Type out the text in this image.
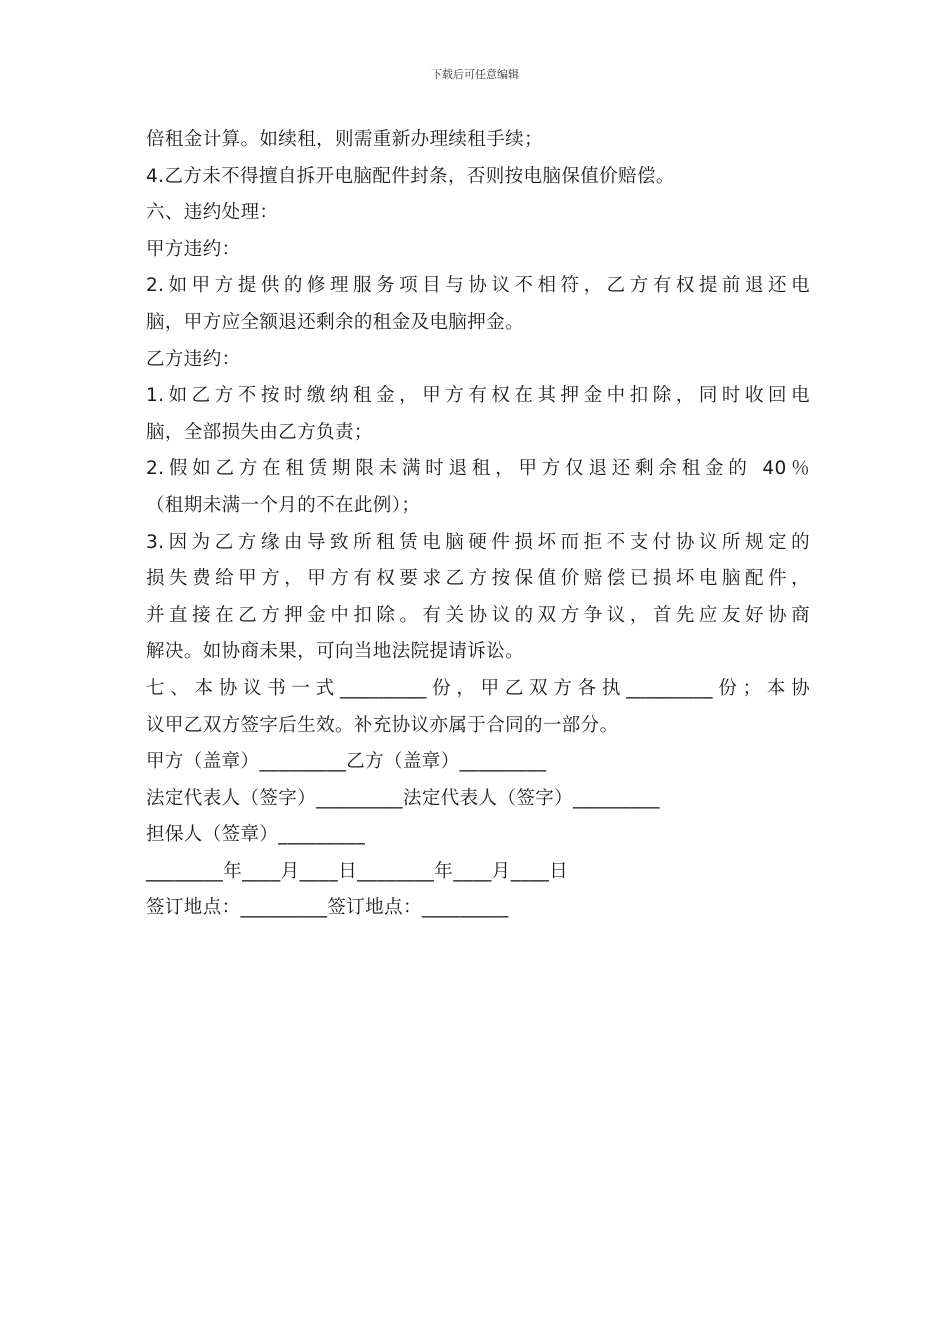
下载后可任意编辑
倍租金计算。如续租，则需重新办理续租手续；
4.乙方未不得擅自拆开电脑配件封条，否则按电脑保值价赔偿。
六、违约处理：
甲方违约：
2.如甲方提供的修理服务项目与协议不相符，乙方有权提前退还电
脑，甲方应全额退还剩余的租金及电脑押金。
乙方违约：
1.如乙方不按时缴纳租金，甲方有权在其押金中扣除，同时收回电
脑，全部损失由乙方负责；
2.假如乙方在租赁期限未满时退租，甲方仅退还剩余租金的 40％
（租期未满一个月的不在此例）；
3.因为乙方缘由导致所租赁电脑硬件损坏而拒不支付协议所规定的
损失费给甲方，甲方有权要求乙方按保值价赔偿已损坏电脑配件，
并直接在乙方押金中扣除。有关协议的双方争议，首先应友好协商
解决。如协商未果，可向当地法院提请诉讼。
七、本协议书一式_________份，甲乙双方各执_________份；本协
议甲乙双方签字后生效。补充协议亦属于合同的一部分。
甲方（盖章）_________乙方（盖章）_________
法定代表人（签字）_________法定代表人（签字）_________
担保人（签章）_________
________年____月____日________年____月____日
签订地点：_________签订地点：_________
